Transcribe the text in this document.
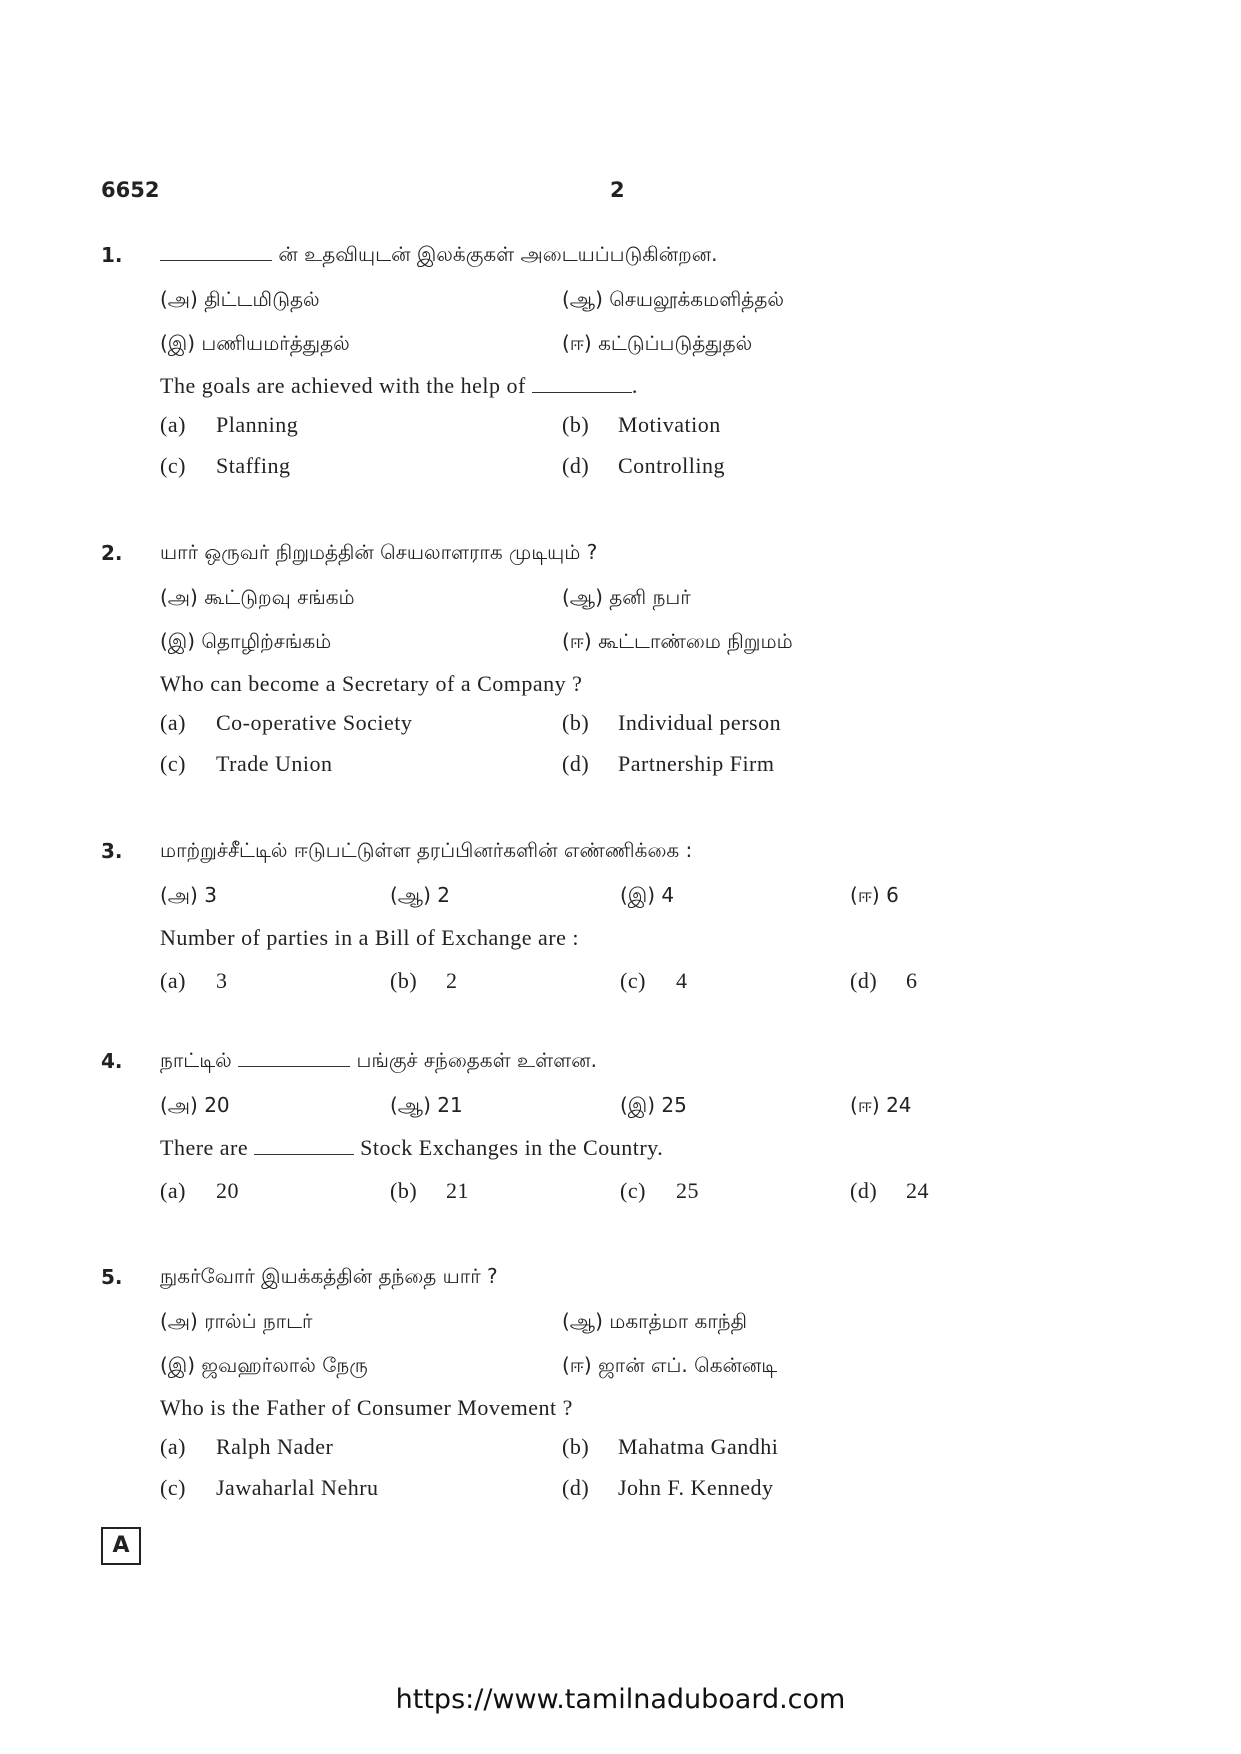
6652	2
1.	ன் உதவியுடன் இலக்குகள் அடையப்படுகின்றன.
(அ) திட்டமிடுதல்	(ஆ) செயலூக்கமளித்தல்
(இ) பணியமர்த்துதல்	(ஈ) கட்டுப்படுத்துதல்
The goals are achieved with the help of	.
(a) Planning	(b) Motivation
(c) Staffing	(d) Controlling
2. யார் ஒருவர் நிறுமத்தின் செயலாளராக முடியும் ?
(அ) கூட்டுறவு சங்கம்	(ஆ) தனி நபர்
(இ) தொழிற்சங்கம்	(ஈ) கூட்டாண்மை நிறுமம்
Who can become a Secretary of a Company ?
(a) Co-operative Society	(b) Individual person
(c) Trade Union	(d) Partnership Firm
3. மாற்றுச்சீட்டில் ஈடுபட்டுள்ள தரப்பினர்களின் எண்ணிக்கை :
(அ) 3	(ஆ) 2	(இ) 4	(ஈ) 6
Number of parties in a Bill of Exchange are :
(a) 3	(b) 2	(c) 4	(d) 6
4. நாட்டில்	பங்குச் சந்தைகள் உள்ளன.
(அ) 20	(ஆ) 21	(இ) 25	(ஈ) 24
There are	Stock Exchanges in the Country.
(a) 20	(b) 21	(c) 25	(d) 24
5. நுகர்வோர் இயக்கத்தின் தந்தை யார் ?
(அ) ரால்ப் நாடர்	(ஆ) மகாத்மா காந்தி
(இ) ஜவஹர்லால் நேரு	(ஈ) ஜான் எப். கென்னடி
Who is the Father of Consumer Movement ?
(a) Ralph Nader	(b) Mahatma Gandhi
(c) Jawaharlal Nehru	(d) John F. Kennedy
A
https://www.tamilnaduboard.com
